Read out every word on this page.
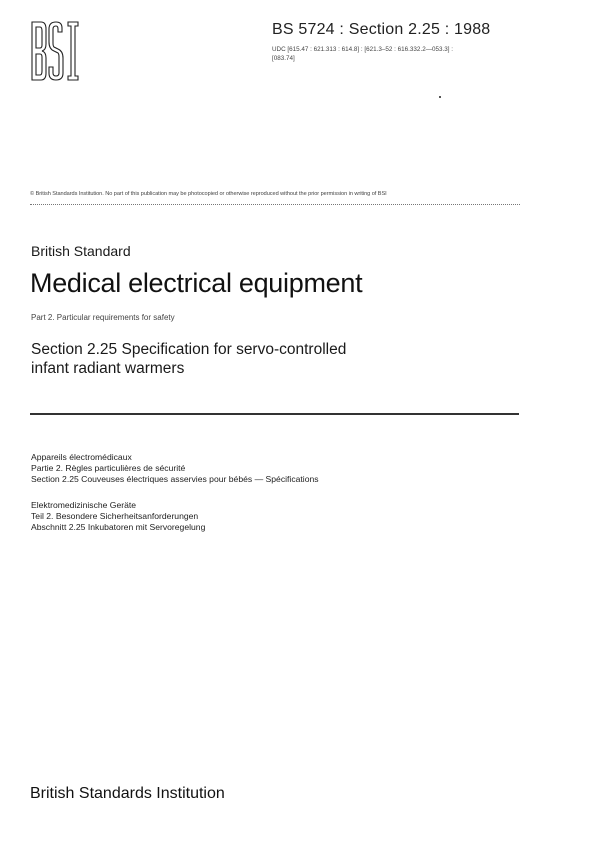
BS 5724 : Section 2.25 : 1988
UDC [615.47 : 621.313 : 614.8] : [621.3–52 : 616.332.2—053.3] :
[083.74]
© British Standards Institution. No part of this publication may be photocopied or otherwise reproduced without the prior permission in writing of BSI
British Standard
Medical electrical equipment
Part 2. Particular requirements for safety
Section 2.25 Specification for servo-controlled
infant radiant warmers
Appareils électromédicaux
Partie 2. Règles particulières de sécurité
Section 2.25 Couveuses électriques asservies pour bébés — Spécifications
Elektromedizinische Geräte
Teil 2. Besondere Sicherheitsanforderungen
Abschnitt 2.25 Inkubatoren mit Servoregelung
British Standards Institution
